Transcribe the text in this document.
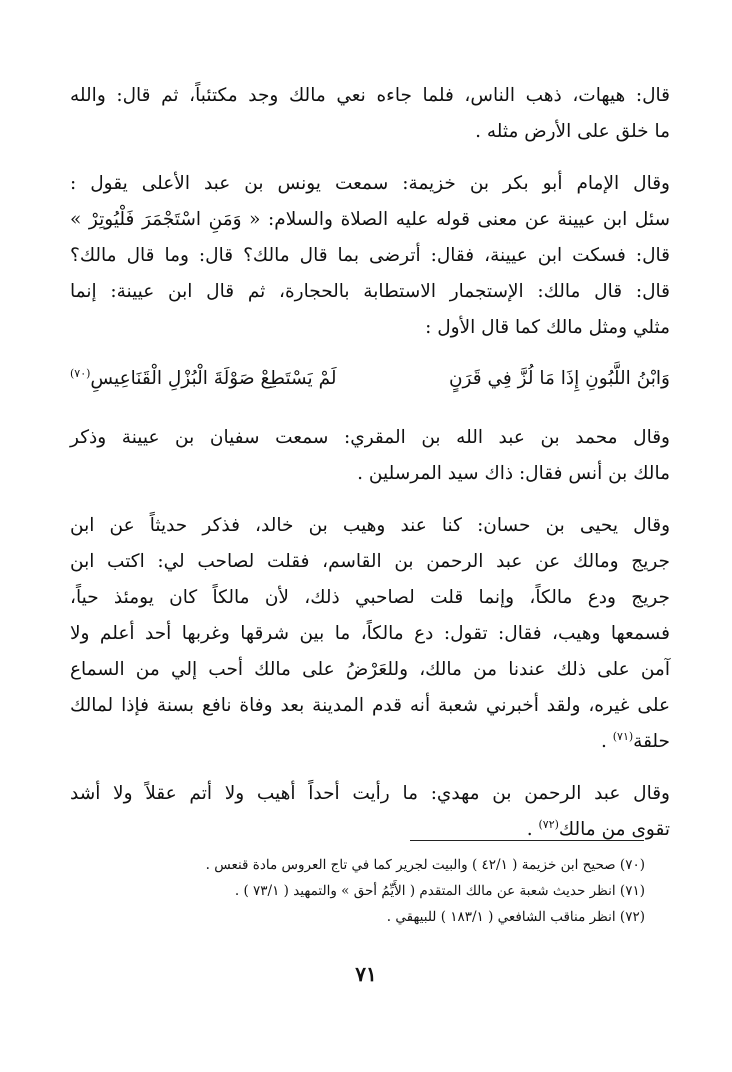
قال: هيهات، ذهب الناس، فلما جاءه نعي مالك وجد مكتئباً، ثم قال: والله
ما خلق على الأرض مثله .
وقال الإمام أبو بكر بن خزيمة: سمعت يونس بن عبد الأعلى يقول :
سئل ابن عيينة عن معنى قوله عليه الصلاة والسلام: « وَمَنِ اسْتَجْمَرَ فَلْيُوتِرْ »
قال: فسكت ابن عيينة، فقال: أترضى بما قال مالك؟ قال: وما قال مالك؟
قال: قال مالك: الإستجمار الاستطابة بالحجارة، ثم قال ابن عيينة: إنما
مثلي ومثل مالك كما قال الأول :
وَابْنُ اللَّبُونِ إِذَا مَا لُزَّ فِي قَرَنٍ
لَمْ يَسْتَطِعْ صَوْلَةَ الْبُزْلِ الْقَنَاعِيسِ$^{(٧٠)}$
وقال محمد بن عبد الله بن المقري: سمعت سفيان بن عيينة وذكر
مالك بن أنس فقال: ذاك سيد المرسلين .
وقال يحيى بن حسان: كنا عند وهيب بن خالد، فذكر حديثاً عن ابن
جريج ومالك عن عبد الرحمن بن القاسم، فقلت لصاحب لي: اكتب ابن
جريج ودع مالكاً، وإنما قلت لصاحبي ذلك، لأن مالكاً كان يومئذ حياً،
فسمعها وهيب، فقال: تقول: دع مالكاً، ما بين شرقها وغربها أحد أعلم ولا
آمن على ذلك عندنا من مالك، وللعَرْضُ على مالك أحب إلي من السماع
على غيره، ولقد أخبرني شعبة أنه قدم المدينة بعد وفاة نافع بسنة فإذا لمالك
حلقة$^{(٧١)}$ .
وقال عبد الرحمن بن مهدي: ما رأيت أحداً أهيب ولا أتم عقلاً ولا أشد
تقوى من مالك$^{(٧٢)}$ .
(٧٠) صحيح ابن خزيمة ( ٤٢/١ ) والبيت لجرير كما في تاج العروس مادة قنعس .
(٧١) انظر حديث شعبة عن مالك المتقدم ( الأَيِّمُ أحق » والتمهيد ( ٧٣/١ ) .
(٧٢) انظر مناقب الشافعي ( ١٨٣/١ ) للبيهقي .
٧١
